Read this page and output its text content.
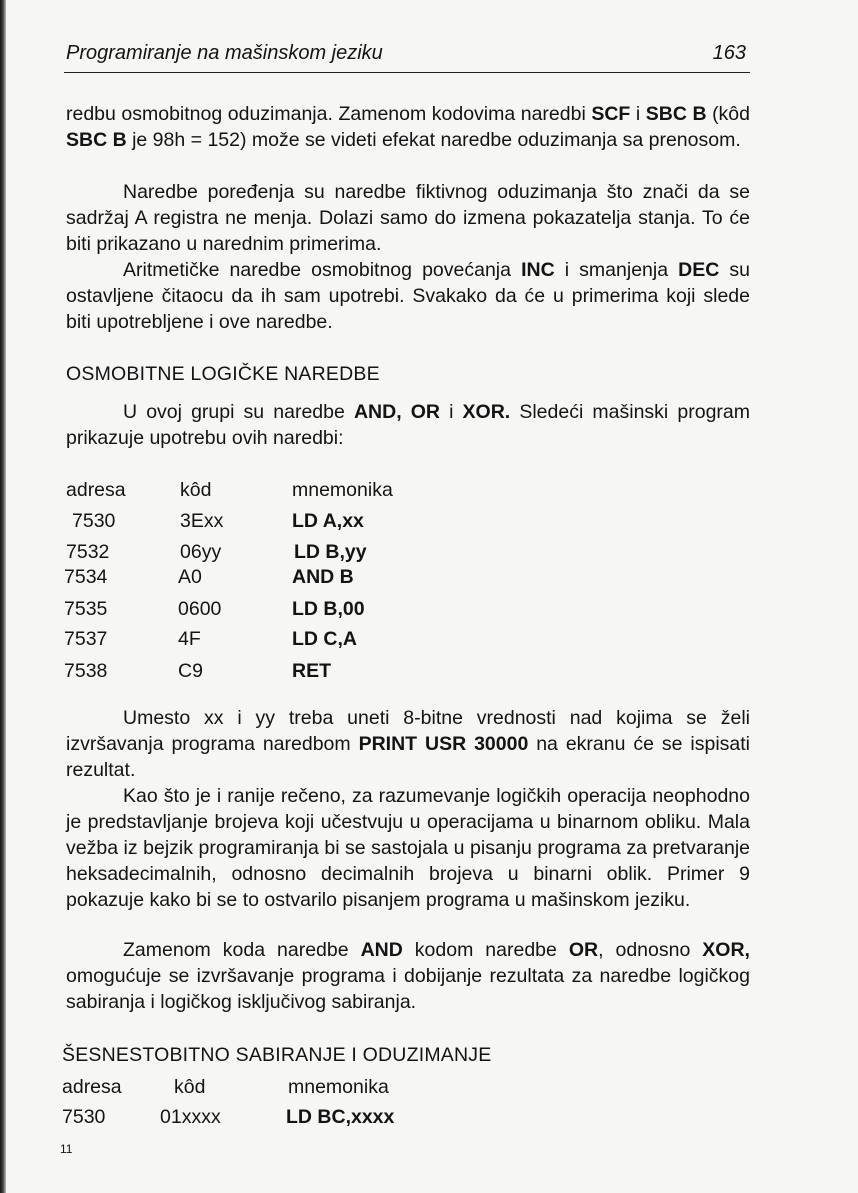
Programiranje na mašinskom jeziku	163

redbu osmobitnog oduzimanja. Zamenom kodovima naredbi SCF i SBC B (kôd SBC B je 98h = 152) može se videti efekat naredbe oduzimanja sa prenosom.

Naredbe poređenja su naredbe fiktivnog oduzimanja što znači da se sadržaj A registra ne menja. Dolazi samo do izmena pokazatelja stanja. To će biti prikazano u narednim primerima.

Aritmetičke naredbe osmobitnog povećanja INC i smanjenja DEC su ostavljene čitaocu da ih sam upotrebi. Svakako da će u primerima koji slede biti upotrebljene i ove naredbe.

OSMOBITNE LOGIČKE NAREDBE

U ovoj grupi su naredbe AND, OR i XOR. Sledeći mašinski program prikazuje upotrebu ovih naredbi:

adresa	kôd	mnemonika
7530	3Exx	LD A,xx
7532	06yy	LD B,yy
7534	A0	AND B
7535	0600	LD B,00
7537	4F	LD C,A
7538	C9	RET

Umesto xx i yy treba uneti 8-bitne vrednosti nad kojima se želi izvršavanja programa naredbom PRINT USR 30000 na ekranu će se ispisati rezultat.

Kao što je i ranije rečeno, za razumevanje logičkih operacija neophodno je predstavljanje brojeva koji učestvuju u operacijama u binarnom obliku. Mala vežba iz bejzik programiranja bi se sastojala u pisanju programa za pretvaranje heksadecimalnih, odnosno decimalnih brojeva u binarni oblik. Primer 9 pokazuje kako bi se to ostvarilo pisanjem programa u mašinskom jeziku.

Zamenom koda naredbe AND kodom naredbe OR, odnosno XOR, omogućuje se izvršavanje programa i dobijanje rezultata za naredbe logičkog sabiranja i logičkog isključivog sabiranja.

ŠESNESTOBITNO SABIRANJE I ODUZIMANJE
adresa	kôd	mnemonika
7530	01xxxx	LD BC,xxxx
11
